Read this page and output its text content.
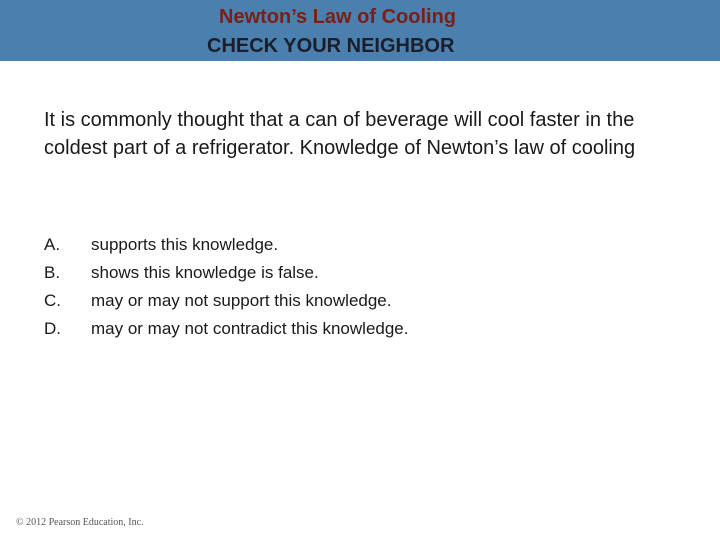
Newton’s Law of Cooling
CHECK YOUR NEIGHBOR
It is commonly thought that a can of beverage will cool faster in the coldest part of a refrigerator. Knowledge of Newton’s law of cooling
A. supports this knowledge.
B. shows this knowledge is false.
C. may or may not support this knowledge.
D. may or may not contradict this knowledge.
© 2012 Pearson Education, Inc.
